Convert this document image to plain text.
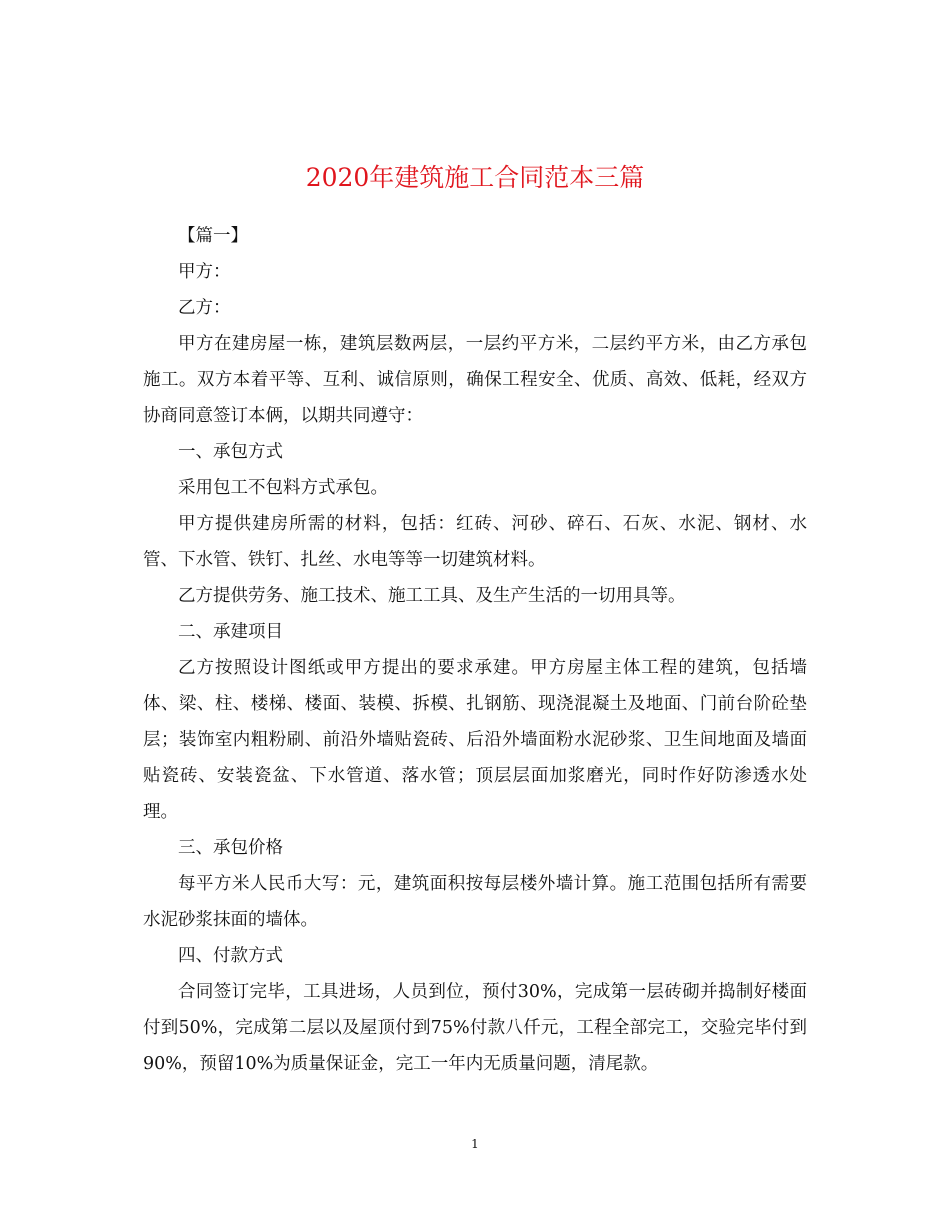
2020年建筑施工合同范本三篇

【篇一】

甲方：

乙方：

甲方在建房屋一栋，建筑层数两层，一层约平方米，二层约平方米，由乙方承包施工。双方本着平等、互利、诚信原则，确保工程安全、优质、高效、低耗，经双方协商同意签订本俩，以期共同遵守：

一、承包方式

采用包工不包料方式承包。

甲方提供建房所需的材料，包括：红砖、河砂、碎石、石灰、水泥、钢材、水管、下水管、铁钉、扎丝、水电等等一切建筑材料。

乙方提供劳务、施工技术、施工工具、及生产生活的一切用具等。

二、承建项目

乙方按照设计图纸或甲方提出的要求承建。甲方房屋主体工程的建筑，包括墙体、梁、柱、楼梯、楼面、装模、拆模、扎钢筋、现浇混凝土及地面、门前台阶砼垫层；装饰室内粗粉刷、前沿外墙贴瓷砖、后沿外墙面粉水泥砂浆、卫生间地面及墙面贴瓷砖、安装瓷盆、下水管道、落水管；顶层层面加浆磨光，同时作好防渗透水处理。

三、承包价格

每平方米人民币大写：元，建筑面积按每层楼外墙计算。施工范围包括所有需要水泥砂浆抹面的墙体。

四、付款方式

合同签订完毕，工具进场，人员到位，预付30%，完成第一层砖砌并捣制好楼面付到50%，完成第二层以及屋顶付到75%付款八仟元，工程全部完工，交验完毕付到90%，预留10%为质量保证金，完工一年内无质量问题，清尾款。

1
